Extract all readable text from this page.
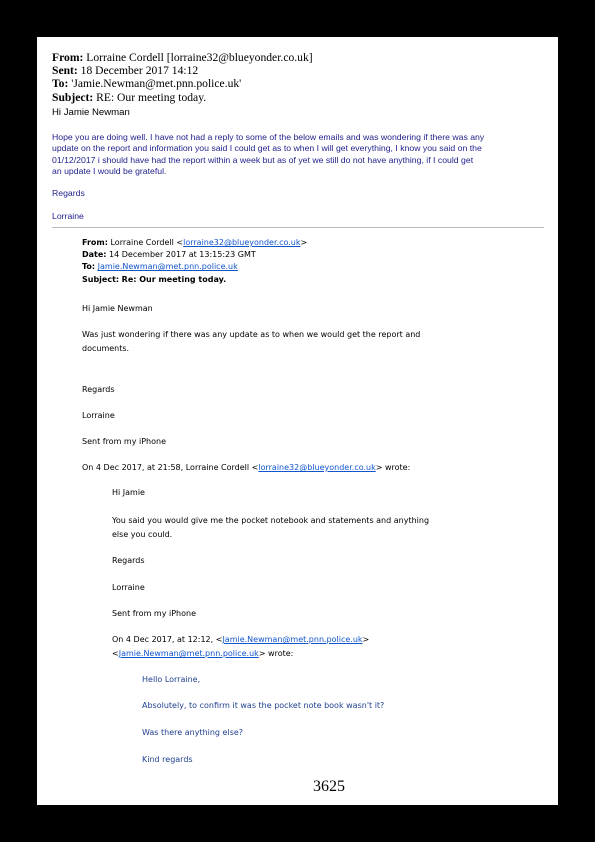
From: Lorraine Cordell [lorraine32@blueyonder.co.uk]
Sent: 18 December 2017 14:12
To: 'Jamie.Newman@met.pnn.police.uk'
Subject: RE: Our meeting today.
Hi Jamie Newman
Hope you are doing well. I have not had a reply to some of the below emails and was wondering if there was any
update on the report and information you said I could get as to when I will get everything, I know you said on the
01/12/2017 i should have had the report within a week but as of yet we still do not have anything, if I could get
an update I would be grateful.
Regards
Lorraine
From: Lorraine Cordell <lorraine32@blueyonder.co.uk>
Date: 14 December 2017 at 13:15:23 GMT
To: Jamie.Newman@met.pnn.police.uk
Subject: Re: Our meeting today.
Hi Jamie Newman
Was just wondering if there was any update as to when we would get the report and
documents.
Regards
Lorraine
Sent from my iPhone
On 4 Dec 2017, at 21:58, Lorraine Cordell <lorraine32@blueyonder.co.uk> wrote:
Hi Jamie
You said you would give me the pocket notebook and statements and anything
else you could.
Regards
Lorraine
Sent from my iPhone
On 4 Dec 2017, at 12:12, <Jamie.Newman@met.pnn.police.uk>
<Jamie.Newman@met.pnn.police.uk> wrote:
Hello Lorraine,
Absolutely, to confirm it was the pocket note book wasn't it?
Was there anything else?
Kind regards
3625
